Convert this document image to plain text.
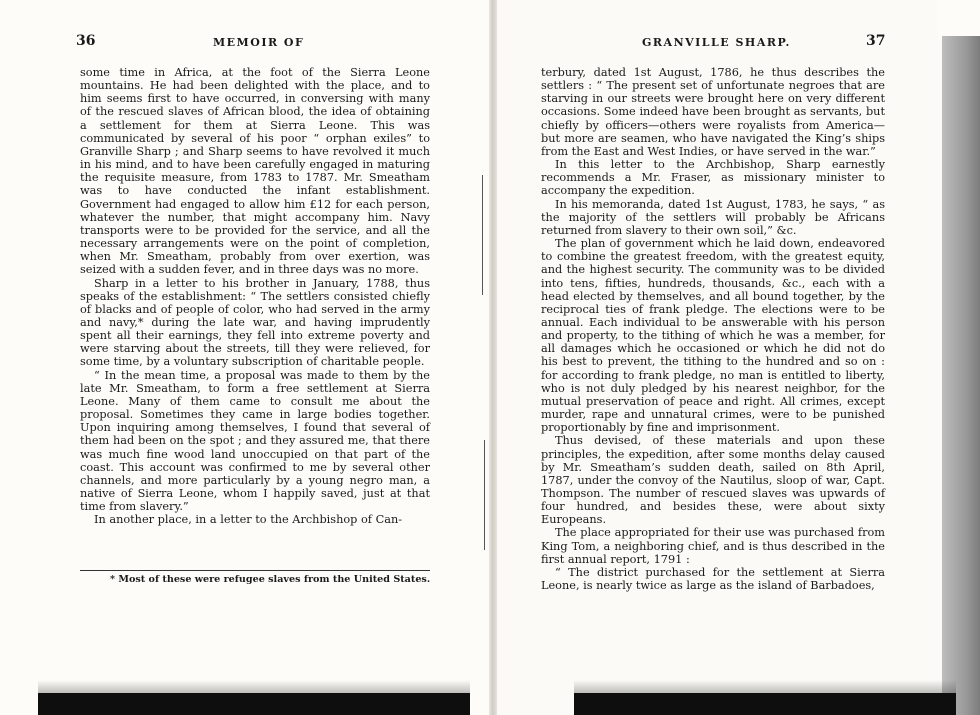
36	MEMOIR OF

some time in Africa, at the foot of the Sierra Leone mountains. He had been delighted with the place, and to him seems first to have occurred, in conversing with many of the rescued slaves of African blood, the idea of obtaining a settlement for them at Sierra Leone. This was communicated by several of his poor “ orphan exiles” to Granville Sharp ; and Sharp seems to have revolved it much in his mind, and to have been carefully engaged in maturing the requisite measure, from 1783 to 1787. Mr. Smeatham was to have conducted the infant establishment. Government had engaged to allow him £12 for each person, whatever the number, that might accompany him. Navy transports were to be provided for the service, and all the necessary arrangements were on the point of completion, when Mr. Smeatham, probably from over exertion, was seized with a sudden fever, and in three days was no more.

Sharp in a letter to his brother in January, 1788, thus speaks of the establishment: “ The settlers consisted chiefly of blacks and of people of color, who had served in the army and navy,* during the late war, and having imprudently spent all their earnings, they fell into extreme poverty and were starving about the streets, till they were relieved, for some time, by a voluntary subscription of charitable people.

“ In the mean time, a proposal was made to them by the late Mr. Smeatham, to form a free settlement at Sierra Leone. Many of them came to consult me about the proposal. Sometimes they came in large bodies together. Upon inquiring among themselves, I found that several of them had been on the spot ; and they assured me, that there was much fine wood land unoccupied on that part of the coast. This account was confirmed to me by several other channels, and more particularly by a young negro man, a native of Sierra Leone, whom I happily saved, just at that time from slavery.”

In another place, in a letter to the Archbishop of Can-

* Most of these were refugee slaves from the United States.
GRANVILLE SHARP.	37

terbury, dated 1st August, 1786, he thus describes the settlers : “ The present set of unfortunate negroes that are starving in our streets were brought here on very different occasions. Some indeed have been brought as servants, but chiefly by officers—others were royalists from America—but more are seamen, who have navigated the King’s ships from the East and West Indies, or have served in the war.”

In this letter to the Archbishop, Sharp earnestly recommends a Mr. Fraser, as missionary minister to accompany the expedition.

In his memoranda, dated 1st August, 1783, he says, “ as the majority of the settlers will probably be Africans returned from slavery to their own soil,” &c.

The plan of government which he laid down, endeavored to combine the greatest freedom, with the greatest equity, and the highest security. The community was to be divided into tens, fifties, hundreds, thousands, &c., each with a head elected by themselves, and all bound together, by the reciprocal ties of frank pledge. The elections were to be annual. Each individual to be answerable with his person and property, to the tithing of which he was a member, for all damages which he occasioned or which he did not do his best to prevent, the tithing to the hundred and so on : for according to frank pledge, no man is entitled to liberty, who is not duly pledged by his nearest neighbor, for the mutual preservation of peace and right. All crimes, except murder, rape and unnatural crimes, were to be punished proportionably by fine and imprisonment.

Thus devised, of these materials and upon these principles, the expedition, after some months delay caused by Mr. Smeatham’s sudden death, sailed on 8th April, 1787, under the convoy of the Nautilus, sloop of war, Capt. Thompson. The number of rescued slaves was upwards of four hundred, and besides these, were about sixty Europeans.

The place appropriated for their use was purchased from King Tom, a neighboring chief, and is thus described in the first annual report, 1791 :

“ The district purchased for the settlement at Sierra Leone, is nearly twice as large as the island of Barbadoes,
